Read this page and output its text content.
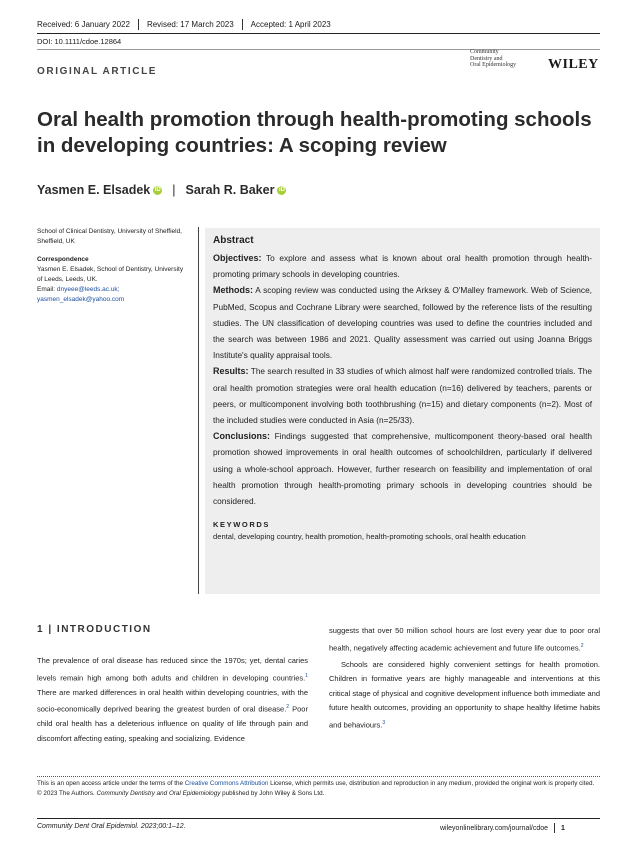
Received: 6 January 2022 Revised: 17 March 2023 Accepted: 1 April 2023
DOI: 10.1111/cdoe.12864
Community
Dentistry and
Oral Epidemiology WILEY
ORIGINAL ARTICLE
Oral health promotion through health-promoting schools in developing countries: A scoping review
Yasmen E. Elsadek iD | Sarah R. Baker iD
School of Clinical Dentistry, University of Sheffield, Sheffield, UK
Correspondence
Yasmen E. Elsadek, School of Dentistry, University of Leeds, Leeds, UK.
Email: dnyeee@leeds.ac.uk; yasmen_elsadek@yahoo.com
Abstract
Objectives: To explore and assess what is known about oral health promotion through health-promoting primary schools in developing countries.
Methods: A scoping review was conducted using the Arksey & O'Malley framework. Web of Science, PubMed, Scopus and Cochrane Library were searched, followed by the reference lists of the resulting studies. The UN classification of developing countries was used to define the countries included and the search was between 1986 and 2021. Quality assessment was carried out using Joanna Briggs Institute's quality appraisal tools.
Results: The search resulted in 33 studies of which almost half were randomized controlled trials. The oral health promotion strategies were oral health education (n=16) delivered by teachers, parents or peers, or multicomponent involving both toothbrushing (n=15) and dietary components (n=2). Most of the included studies were conducted in Asia (n=25/33).
Conclusions: Findings suggested that comprehensive, multicomponent theory-based oral health promotion showed improvements in oral health outcomes of schoolchildren, particularly if delivered using a whole-school approach. However, further research on feasibility and implementation of oral health promotion through health-promoting primary schools in developing countries should be considered.
KEYWORDS
dental, developing country, health promotion, health-promoting schools, oral health education
1 | INTRODUCTION

The prevalence of oral disease has reduced since the 1970s; yet, dental caries levels remain high among both adults and children in developing countries.$^1$ There are marked differences in oral health within developing countries, with the socio-economically deprived bearing the greatest burden of oral disease.$^2$ Poor child oral health has a deleterious influence on quality of life through pain and discomfort affecting eating, speaking and socializing. Evidence

suggests that over 50 million school hours are lost every year due to poor oral health, negatively affecting academic achievement and future life outcomes.$^2$

Schools are considered highly convenient settings for health promotion. Children in formative years are highly manageable and interventions at this critical stage of physical and cognitive development influence both immediate and future health outcomes, providing an opportunity to shape healthy lifetime habits and behaviours.$^3$

This is an open access article under the terms of the Creative Commons Attribution License, which permits use, distribution and reproduction in any medium, provided the original work is properly cited.
© 2023 The Authors. Community Dentistry and Oral Epidemiology published by John Wiley & Sons Ltd.
Community Dent Oral Epidemiol. 2023;00:1–12.	wileyonlinelibrary.com/journal/cdoe 1
